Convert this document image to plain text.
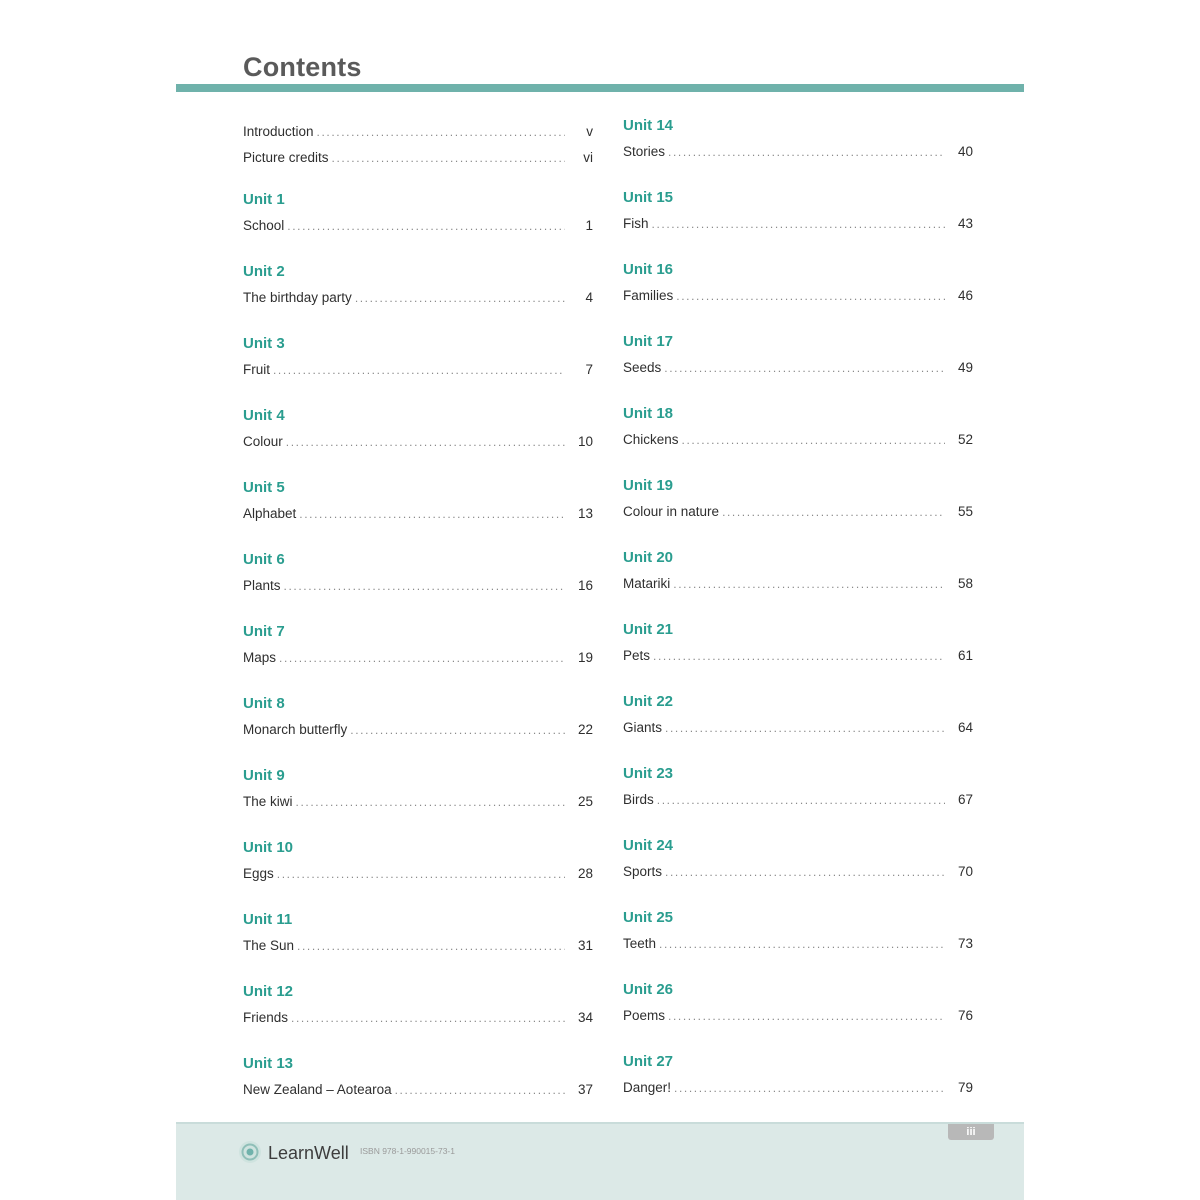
Contents
Introduction .....	v
Picture credits .....	vi
Unit 1
School .....	1
Unit 2
The birthday party .....	4
Unit 3
Fruit .....	7
Unit 4
Colour .....	10
Unit 5
Alphabet .....	13
Unit 6
Plants .....	16
Unit 7
Maps .....	19
Unit 8
Monarch butterfly .....	22
Unit 9
The kiwi .....	25
Unit 10
Eggs .....	28
Unit 11
The Sun .....	31
Unit 12
Friends .....	34
Unit 13
New Zealand – Aotearoa .....	37
Unit 14
Stories .....	40
Unit 15
Fish .....	43
Unit 16
Families .....	46
Unit 17
Seeds .....	49
Unit 18
Chickens .....	52
Unit 19
Colour in nature .....	55
Unit 20
Matariki .....	58
Unit 21
Pets .....	61
Unit 22
Giants .....	64
Unit 23
Birds .....	67
Unit 24
Sports .....	70
Unit 25
Teeth .....	73
Unit 26
Poems .....	76
Unit 27
Danger! .....	79
iii
LearnWell ISBN 978-1-990015-73-1
